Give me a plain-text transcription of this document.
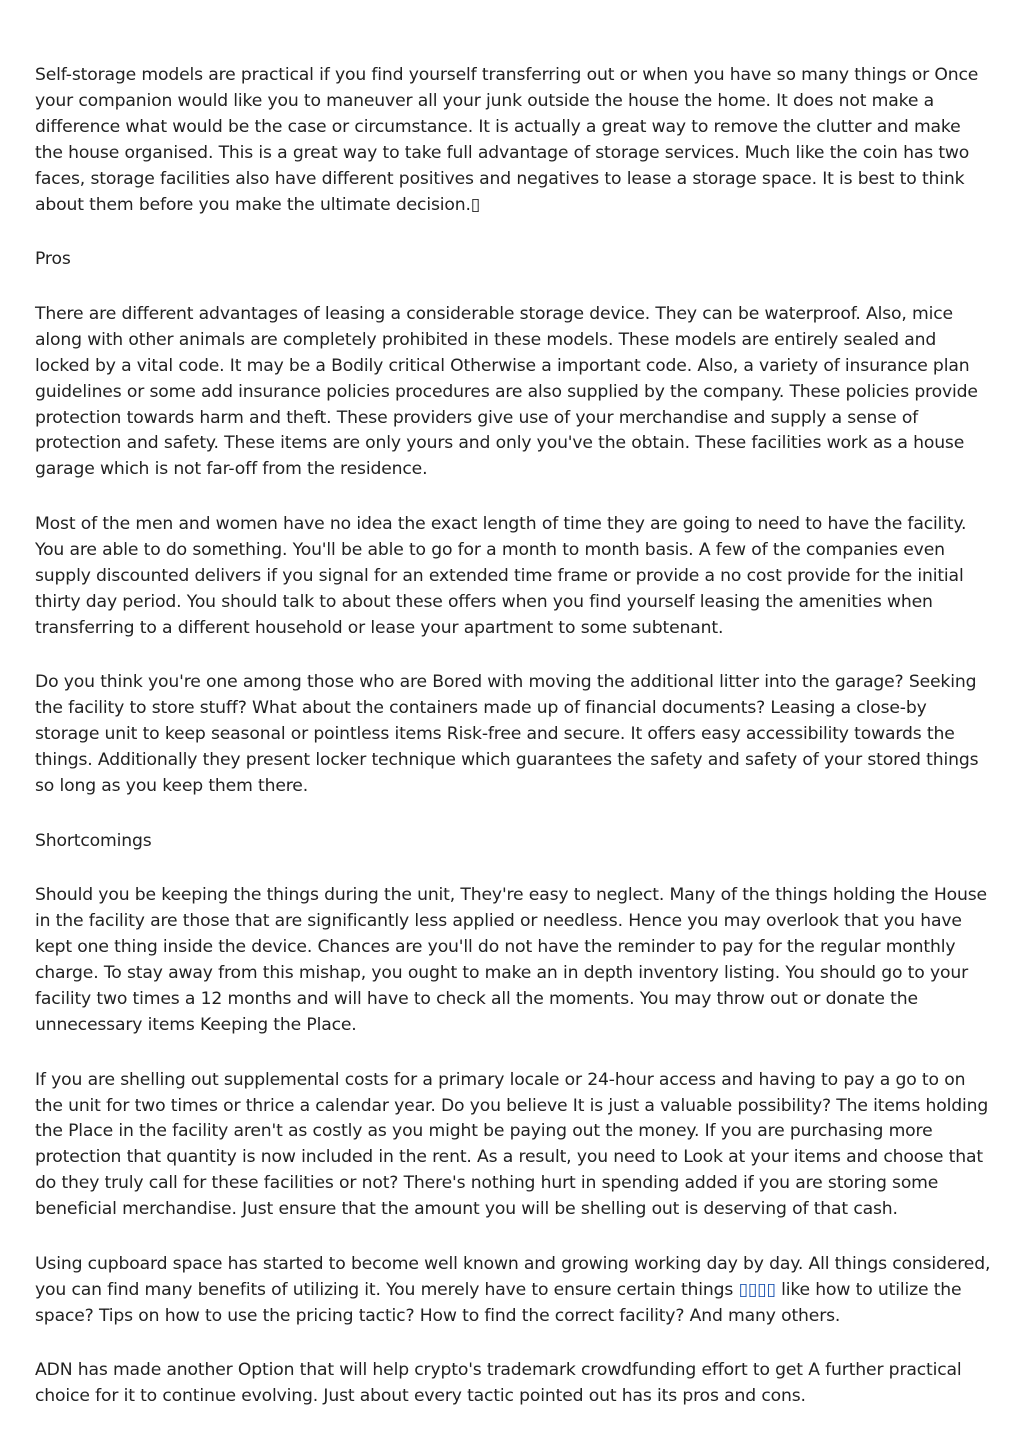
Self-storage models are practical if you find yourself transferring out or when you have so many things or Once your companion would like you to maneuver all your junk outside the house the home. It does not make a difference what would be the case or circumstance. It is actually a great way to remove the clutter and make the house organised. This is a great way to take full advantage of storage services. Much like the coin has two faces, storage facilities also have different positives and negatives to lease a storage space. It is best to think about them before you make the ultimate decision.▯

Pros

There are different advantages of leasing a considerable storage device. They can be waterproof. Also, mice along with other animals are completely prohibited in these models. These models are entirely sealed and locked by a vital code. It may be a Bodily critical Otherwise a important code. Also, a variety of insurance plan guidelines or some add insurance policies procedures are also supplied by the company. These policies provide protection towards harm and theft. These providers give use of your merchandise and supply a sense of protection and safety. These items are only yours and only you've the obtain. These facilities work as a house garage which is not far-off from the residence.

Most of the men and women have no idea the exact length of time they are going to need to have the facility. You are able to do something. You'll be able to go for a month to month basis. A few of the companies even supply discounted delivers if you signal for an extended time frame or provide a no cost provide for the initial thirty day period. You should talk to about these offers when you find yourself leasing the amenities when transferring to a different household or lease your apartment to some subtenant.

Do you think you're one among those who are Bored with moving the additional litter into the garage? Seeking the facility to store stuff? What about the containers made up of financial documents? Leasing a close-by storage unit to keep seasonal or pointless items Risk-free and secure. It offers easy accessibility towards the things. Additionally they present locker technique which guarantees the safety and safety of your stored things so long as you keep them there.

Shortcomings

Should you be keeping the things during the unit, They're easy to neglect. Many of the things holding the House in the facility are those that are significantly less applied or needless. Hence you may overlook that you have kept one thing inside the device. Chances are you'll do not have the reminder to pay for the regular monthly charge. To stay away from this mishap, you ought to make an in depth inventory listing. You should go to your facility two times a 12 months and will have to check all the moments. You may throw out or donate the unnecessary items Keeping the Place.

If you are shelling out supplemental costs for a primary locale or 24-hour access and having to pay a go to on the unit for two times or thrice a calendar year. Do you believe It is just a valuable possibility? The items holding the Place in the facility aren't as costly as you might be paying out the money. If you are purchasing more protection that quantity is now included in the rent. As a result, you need to Look at your items and choose that do they truly call for these facilities or not? There's nothing hurt in spending added if you are storing some beneficial merchandise. Just ensure that the amount you will be shelling out is deserving of that cash.

Using cupboard space has started to become well known and growing working day by day. All things considered, you can find many benefits of utilizing it. You merely have to ensure certain things ▯▯▯▯ like how to utilize the space? Tips on how to use the pricing tactic? How to find the correct facility? And many others.

ADN has made another Option that will help crypto's trademark crowdfunding effort to get A further practical choice for it to continue evolving. Just about every tactic pointed out has its pros and cons.
